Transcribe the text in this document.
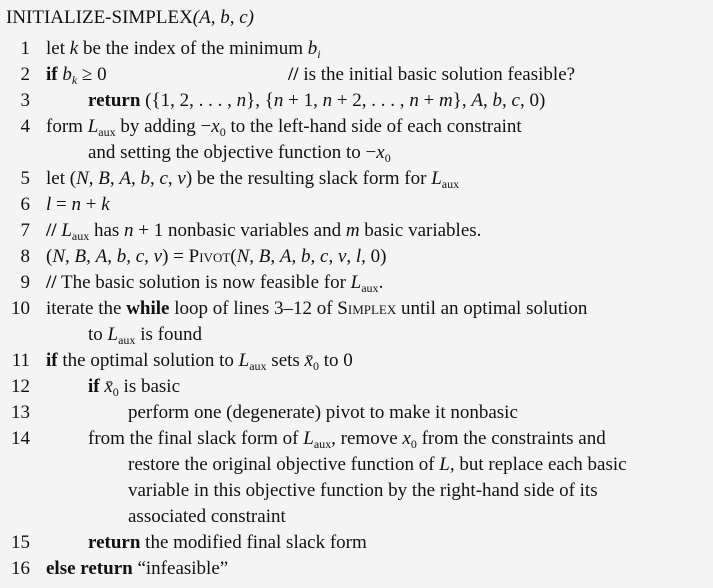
INITIALIZE-SIMPLEX(A, b, c)
1 let k be the index of the minimum $b_i$
2 if $b_k \ge 0$	// is the initial basic solution feasible?
3	return ({1, 2, . . . , n}, {n + 1, n + 2, . . . , n + m}, A, b, c, 0)
4 form $L_{aux}$ by adding $-x_0$ to the left-hand side of each constraint
and setting the objective function to $-x_0$
5 let (N, B, A, b, c, v) be the resulting slack form for $L_{aux}$
6 l = n + k
$7 // L_{aux}$ has n + 1 nonbasic variables and m basic variables.
8 (N, B, A, b, c, v) = Pivot(N, B, A, b, c, v, l, 0)
9 // The basic solution is now feasible for $L_{aux}$.
10 iterate the while loop of lines 3–12 of Simplex until an optimal solution
to $L_{aux}$ is found
11 if the optimal solution to $L_{aux}$ sets $x̄_0$ to 0
12	if $x̄_0$ is basic
13	perform one (degenerate) pivot to make it nonbasic
14	from the final slack form of $L_{aux}$, remove $x_0$ from the constraints and
restore the original objective function of L, but replace each basic
variable in this objective function by the right-hand side of its
associated constraint
15	return the modified final slack form
16 else return “infeasible”
